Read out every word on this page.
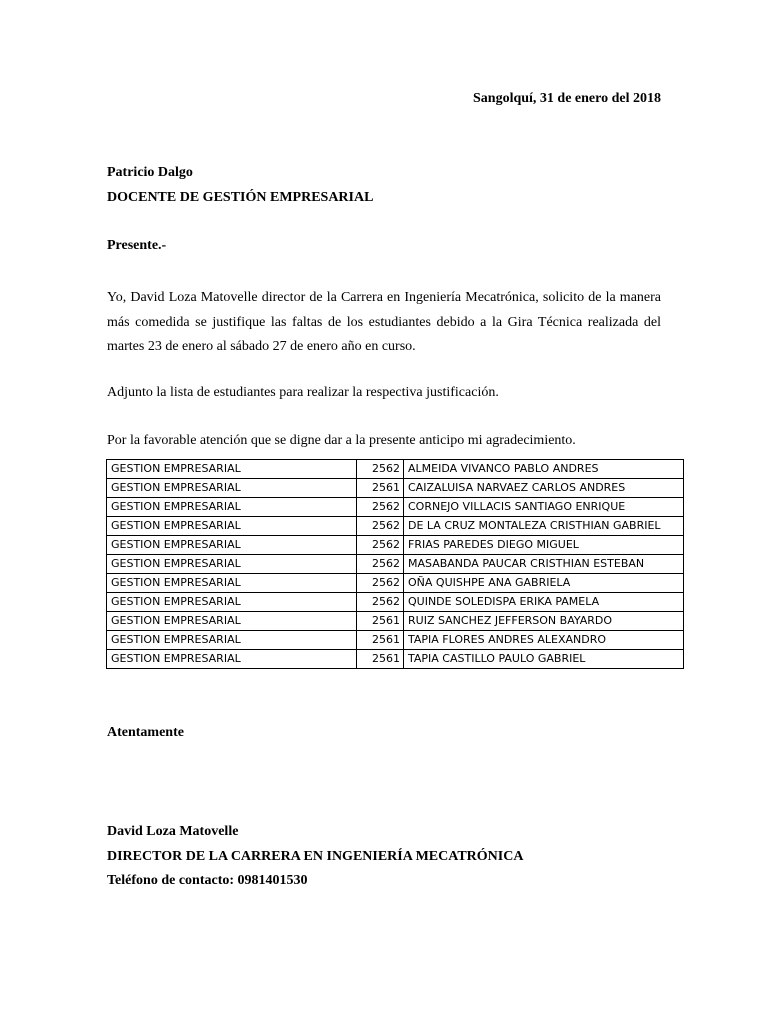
Sangolquí, 31 de enero del 2018
Patricio Dalgo
DOCENTE DE GESTIÓN EMPRESARIAL
Presente.-
Yo, David Loza Matovelle director de la Carrera en Ingeniería Mecatrónica, solicito de la manera más comedida se justifique las faltas de los estudiantes debido a la Gira Técnica realizada del martes 23 de enero al sábado 27 de enero año en curso.
Adjunto la lista de estudiantes para realizar la respectiva justificación.
Por la favorable atención que se digne dar a la presente anticipo mi agradecimiento.
GESTION EMPRESARIAL	2562	ALMEIDA VIVANCO PABLO ANDRES
GESTION EMPRESARIAL	2561	CAIZALUISA NARVAEZ CARLOS ANDRES
GESTION EMPRESARIAL	2562	CORNEJO VILLACIS SANTIAGO ENRIQUE
GESTION EMPRESARIAL	2562	DE LA CRUZ MONTALEZA CRISTHIAN GABRIEL
GESTION EMPRESARIAL	2562	FRIAS PAREDES DIEGO MIGUEL
GESTION EMPRESARIAL	2562	MASABANDA PAUCAR CRISTHIAN ESTEBAN
GESTION EMPRESARIAL	2562	OÑA QUISHPE ANA GABRIELA
GESTION EMPRESARIAL	2562	QUINDE SOLEDISPA ERIKA PAMELA
GESTION EMPRESARIAL	2561	RUIZ SANCHEZ JEFFERSON BAYARDO
GESTION EMPRESARIAL	2561	TAPIA FLORES ANDRES ALEXANDRO
GESTION EMPRESARIAL	2561	TAPIA CASTILLO PAULO GABRIEL
Atentamente
David Loza Matovelle
DIRECTOR DE LA CARRERA EN INGENIERÍA MECATRÓNICA
Teléfono de contacto: 0981401530
